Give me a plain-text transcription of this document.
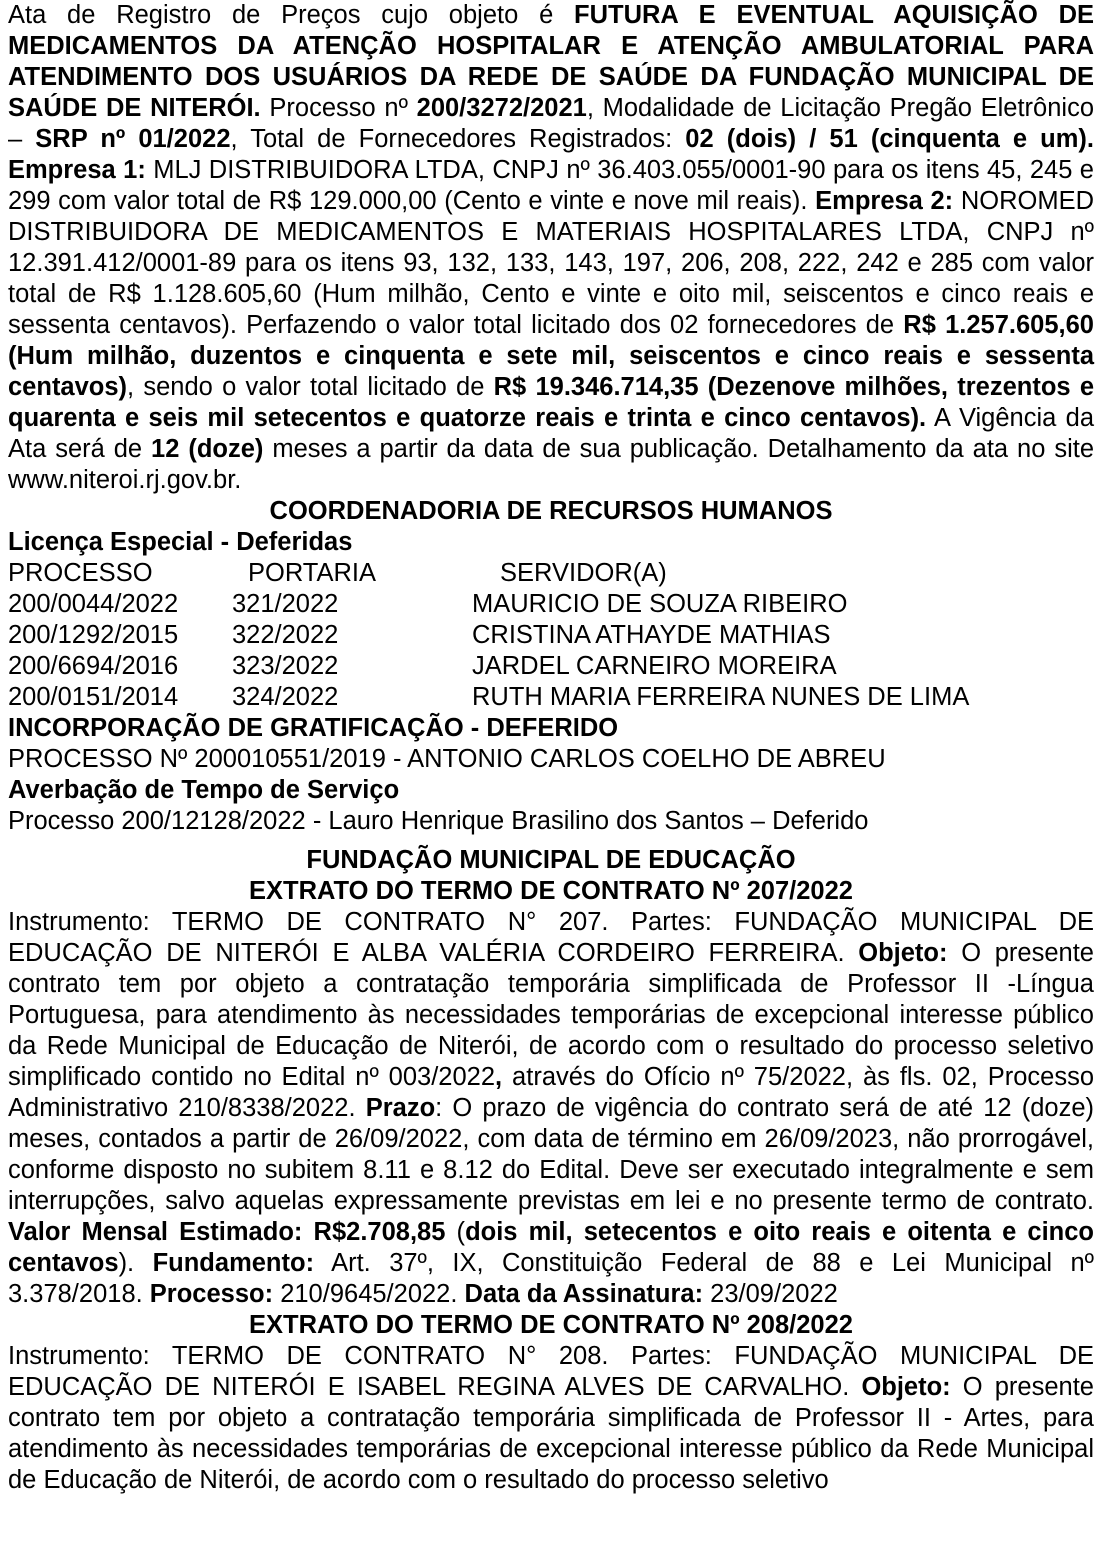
Ata de Registro de Preços cujo objeto é FUTURA E EVENTUAL AQUISIÇÃO DE MEDICAMENTOS DA ATENÇÃO HOSPITALAR E ATENÇÃO AMBULATORIAL PARA ATENDIMENTO DOS USUÁRIOS DA REDE DE SAÚDE DA FUNDAÇÃO MUNICIPAL DE SAÚDE DE NITERÓI. Processo nº 200/3272/2021, Modalidade de Licitação Pregão Eletrônico – SRP nº 01/2022, Total de Fornecedores Registrados: 02 (dois) / 51 (cinquenta e um). Empresa 1: MLJ DISTRIBUIDORA LTDA, CNPJ nº 36.403.055/0001-90 para os itens 45, 245 e 299 com valor total de R$ 129.000,00 (Cento e vinte e nove mil reais). Empresa 2: NOROMED DISTRIBUIDORA DE MEDICAMENTOS E MATERIAIS HOSPITALARES LTDA, CNPJ nº 12.391.412/0001-89 para os itens 93, 132, 133, 143, 197, 206, 208, 222, 242 e 285 com valor total de R$ 1.128.605,60 (Hum milhão, Cento e vinte e oito mil, seiscentos e cinco reais e sessenta centavos). Perfazendo o valor total licitado dos 02 fornecedores de R$ 1.257.605,60 (Hum milhão, duzentos e cinquenta e sete mil, seiscentos e cinco reais e sessenta centavos), sendo o valor total licitado de R$ 19.346.714,35 (Dezenove milhões, trezentos e quarenta e seis mil setecentos e quatorze reais e trinta e cinco centavos). A Vigência da Ata será de 12 (doze) meses a partir da data de sua publicação. Detalhamento da ata no site www.niteroi.rj.gov.br.

COORDENADORIA DE RECURSOS HUMANOS
Licença Especial - Deferidas
PROCESSO	PORTARIA	SERVIDOR(A)
200/0044/2022	321/2022	MAURICIO DE SOUZA RIBEIRO
200/1292/2015	322/2022	CRISTINA ATHAYDE MATHIAS
200/6694/2016	323/2022	JARDEL CARNEIRO MOREIRA
200/0151/2014	324/2022	RUTH MARIA FERREIRA NUNES DE LIMA
INCORPORAÇÃO DE GRATIFICAÇÃO - DEFERIDO
PROCESSO Nº 200010551/2019 - ANTONIO CARLOS COELHO DE ABREU
Averbação de Tempo de Serviço
Processo 200/12128/2022 - Lauro Henrique Brasilino dos Santos – Deferido
FUNDAÇÃO MUNICIPAL DE EDUCAÇÃO
EXTRATO DO TERMO DE CONTRATO Nº 207/2022

Instrumento: TERMO DE CONTRATO N° 207. Partes: FUNDAÇÃO MUNICIPAL DE EDUCAÇÃO DE NITERÓI E ALBA VALÉRIA CORDEIRO FERREIRA. Objeto: O presente contrato tem por objeto a contratação temporária simplificada de Professor II -Língua Portuguesa, para atendimento às necessidades temporárias de excepcional interesse público da Rede Municipal de Educação de Niterói, de acordo com o resultado do processo seletivo simplificado contido no Edital nº 003/2022, através do Ofício nº 75/2022, às fls. 02, Processo Administrativo 210/8338/2022. Prazo: O prazo de vigência do contrato será de até 12 (doze) meses, contados a partir de 26/09/2022, com data de término em 26/09/2023, não prorrogável, conforme disposto no subitem 8.11 e 8.12 do Edital. Deve ser executado integralmente e sem interrupções, salvo aquelas expressamente previstas em lei e no presente termo de contrato. Valor Mensal Estimado: R$2.708,85 (dois mil, setecentos e oito reais e oitenta e cinco centavos). Fundamento: Art. 37º, IX, Constituição Federal de 88 e Lei Municipal nº 3.378/2018. Processo: 210/9645/2022. Data da Assinatura: 23/09/2022

EXTRATO DO TERMO DE CONTRATO Nº 208/2022

Instrumento: TERMO DE CONTRATO N° 208. Partes: FUNDAÇÃO MUNICIPAL DE EDUCAÇÃO DE NITERÓI E ISABEL REGINA ALVES DE CARVALHO. Objeto: O presente contrato tem por objeto a contratação temporária simplificada de Professor II - Artes, para atendimento às necessidades temporárias de excepcional interesse público da Rede Municipal de Educação de Niterói, de acordo com o resultado do processo seletivo
